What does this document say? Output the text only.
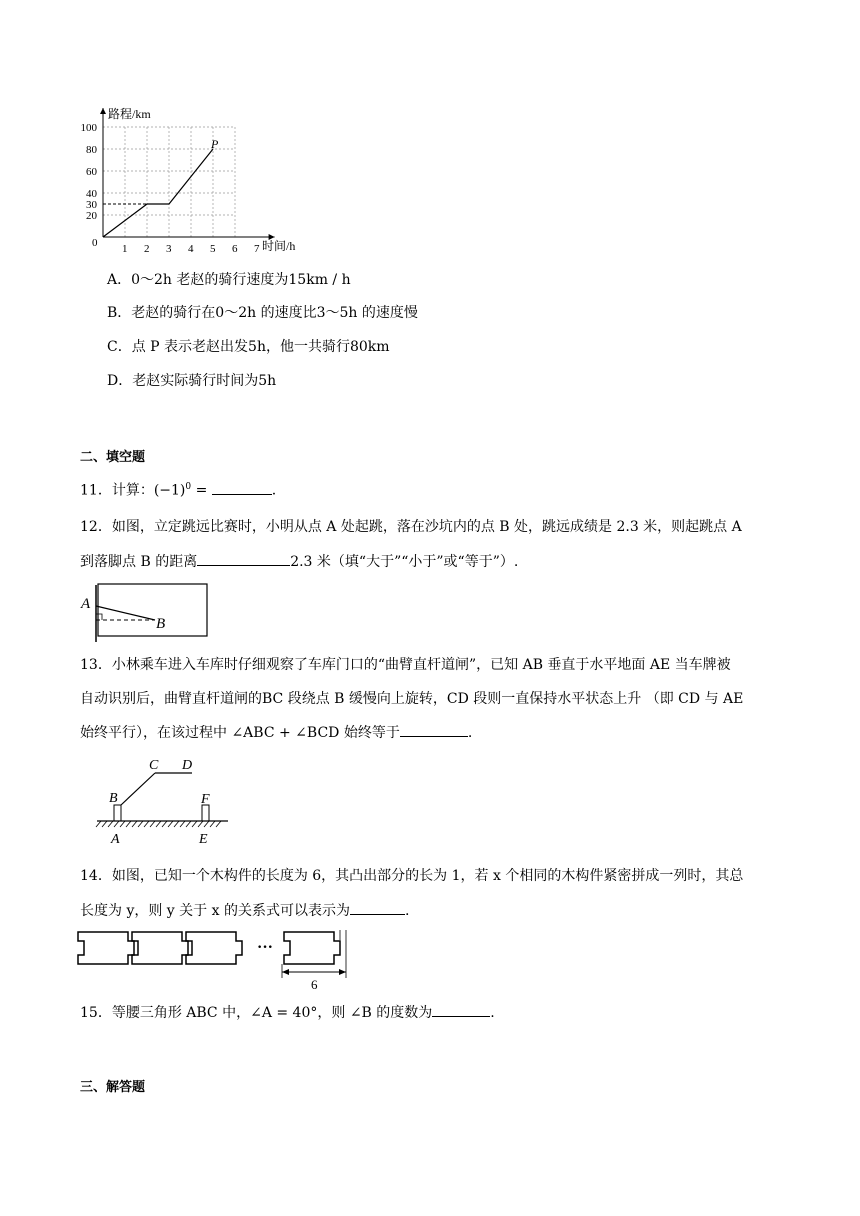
1 2 3 4 5 6 7
100
80
60
40
30
20
路程/km
时间/h
0
P
A．0～2h 老赵的骑行速度为15km / h
B．老赵的骑行在0～2h 的速度比3～5h 的速度慢
C．点 P 表示老赵出发5h，他一共骑行80km
D．老赵实际骑行时间为5h
二、填空题
11．计算：$(-1)^0$ =	.
12．如图，立定跳远比赛时，小明从点 A 处起跳，落在沙坑内的点 B 处，跳远成绩是 2.3 米，则起跳点 A
到落脚点 B 的距离	2.3 米（填“大于”“小于”或“等于”）.
A
B
13．小林乘车进入车库时仔细观察了车库门口的“曲臂直杆道闸”，已知 AB 垂直于水平地面 AE 当车牌被
自动识别后，曲臂直杆道闸的BC 段绕点 B 缓慢向上旋转，CD 段则一直保持水平状态上升 （即 CD 与 AE
始终平行），在该过程中 ∠ABC + ∠BCD 始终等于	.
C D
B	F
A	E
14．如图，已知一个木构件的长度为 6，其凸出部分的长为 1，若 x 个相同的木构件紧密拼成一列时，其总
长度为 y，则 y 关于 x 的关系式可以表示为	.
···
6
15．等腰三角形 ABC 中，∠A = 40°，则 ∠B 的度数为	.
三、解答题
